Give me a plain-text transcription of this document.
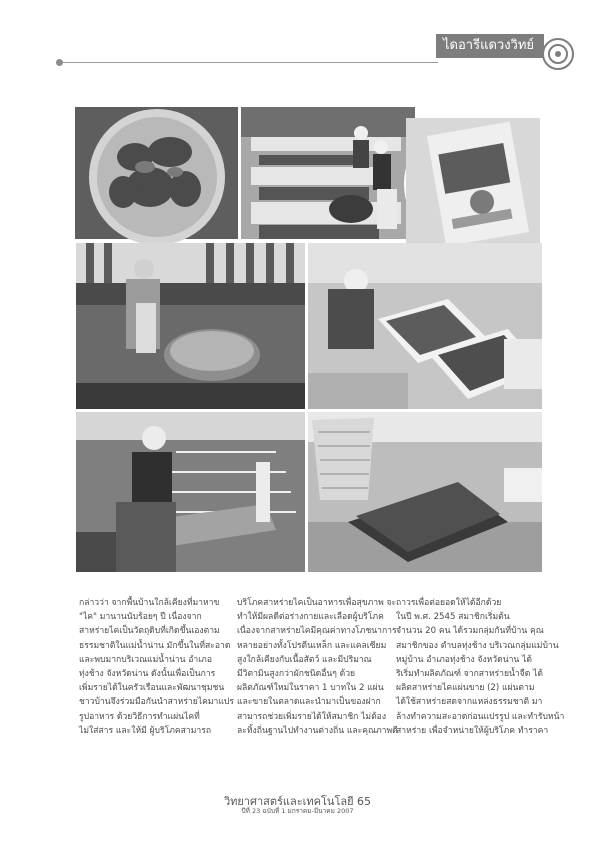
ไดอารีแดวงวิทย์
กล่าวว่า จากพื้นบ้านใกล้เคียงที่มาหาข
"ไค" มานานนับร้อยๆ ปี เนื่องจาก
สาหร่ายไคเป็นวัตถุดิบที่เกิดขึ้นเองตาม
ธรรมชาติในแม่น้ำน่าน มักขึ้นในที่สะอาด
และพบมากบริเวณแม่น้ำน่าน อำเภอ
ทุ่งช้าง จังหวัดน่าน ดังนั้นเพื่อเป็นการ
เพิ่มรายได้ในครัวเรือนและพัฒนาชุมชน
ชาวบ้านจึงร่วมมือกันนำสาหร่ายไคมาแปร
รูปอาหาร ด้วยวิธีการทำแผ่นไคที่
ไม่ใส่สาร และให้มี ผู้บริโภคสามารถ
บริโภคสาหร่ายไคเป็นอาหารเพื่อสุขภาพ จะ
ทำให้มีผลดีต่อร่างกายและเลือดผู้บริโภค
เนื่องจากสาหร่ายไคมีคุณค่าทางโภชนาการ
หลายอย่างทั้งโปรตีนเหล็ก และแคลเซียม
สูงใกล้เคียงกับเนื้อสัตว์ และมีปริมาณ
มีวิตามินสูงกว่าผักชนิดอื่นๆ ด้วย
ผลิตภัณฑ์ใหม่ในราคา 1 บาทใน 2 แผ่น
และขายในตลาดและนำมาเป็นของฝาก
สามารถช่วยเพิ่มรายได้ให้สมาชิก ไม่ต้อง
ละทิ้งถิ่นฐานไปทำงานต่างถิ่น และคุณภาพดี
ถาวรเพื่อต่อยอดให้ได้อีกด้วย
ในปี พ.ศ. 2545 สมาชิกเริ่มต้น
จำนวน 20 คน ได้รวมกลุ่มกันที่บ้าน คุณ
สมาชิกของ ตำบลทุ่งช้าง บริเวณกลุ่มแม่บ้าน
หมู่บ้าน อำเภอทุ่งช้าง จังหวัดน่าน ได้
ริเริ่มทำผลิตภัณฑ์ จากสาหร่ายน้ำจืด ได้
ผลิตสาหร่ายไคแผ่นขาย (2) แผ่นตาม
ได้ใช้สาหร่ายสดจากแหล่งธรรมชาติ มา
ล้างทำความสะอาดก่อนแปรรูป และทำรับหน้า
สาหร่าย เพื่อจำหน่ายให้ผู้บริโภค ทำราคา
วิทยาศาสตร์และเทคโนโลยี 65
ปีที่ 23 ฉบับที่ 1 มกราคม-มีนาคม 2007
